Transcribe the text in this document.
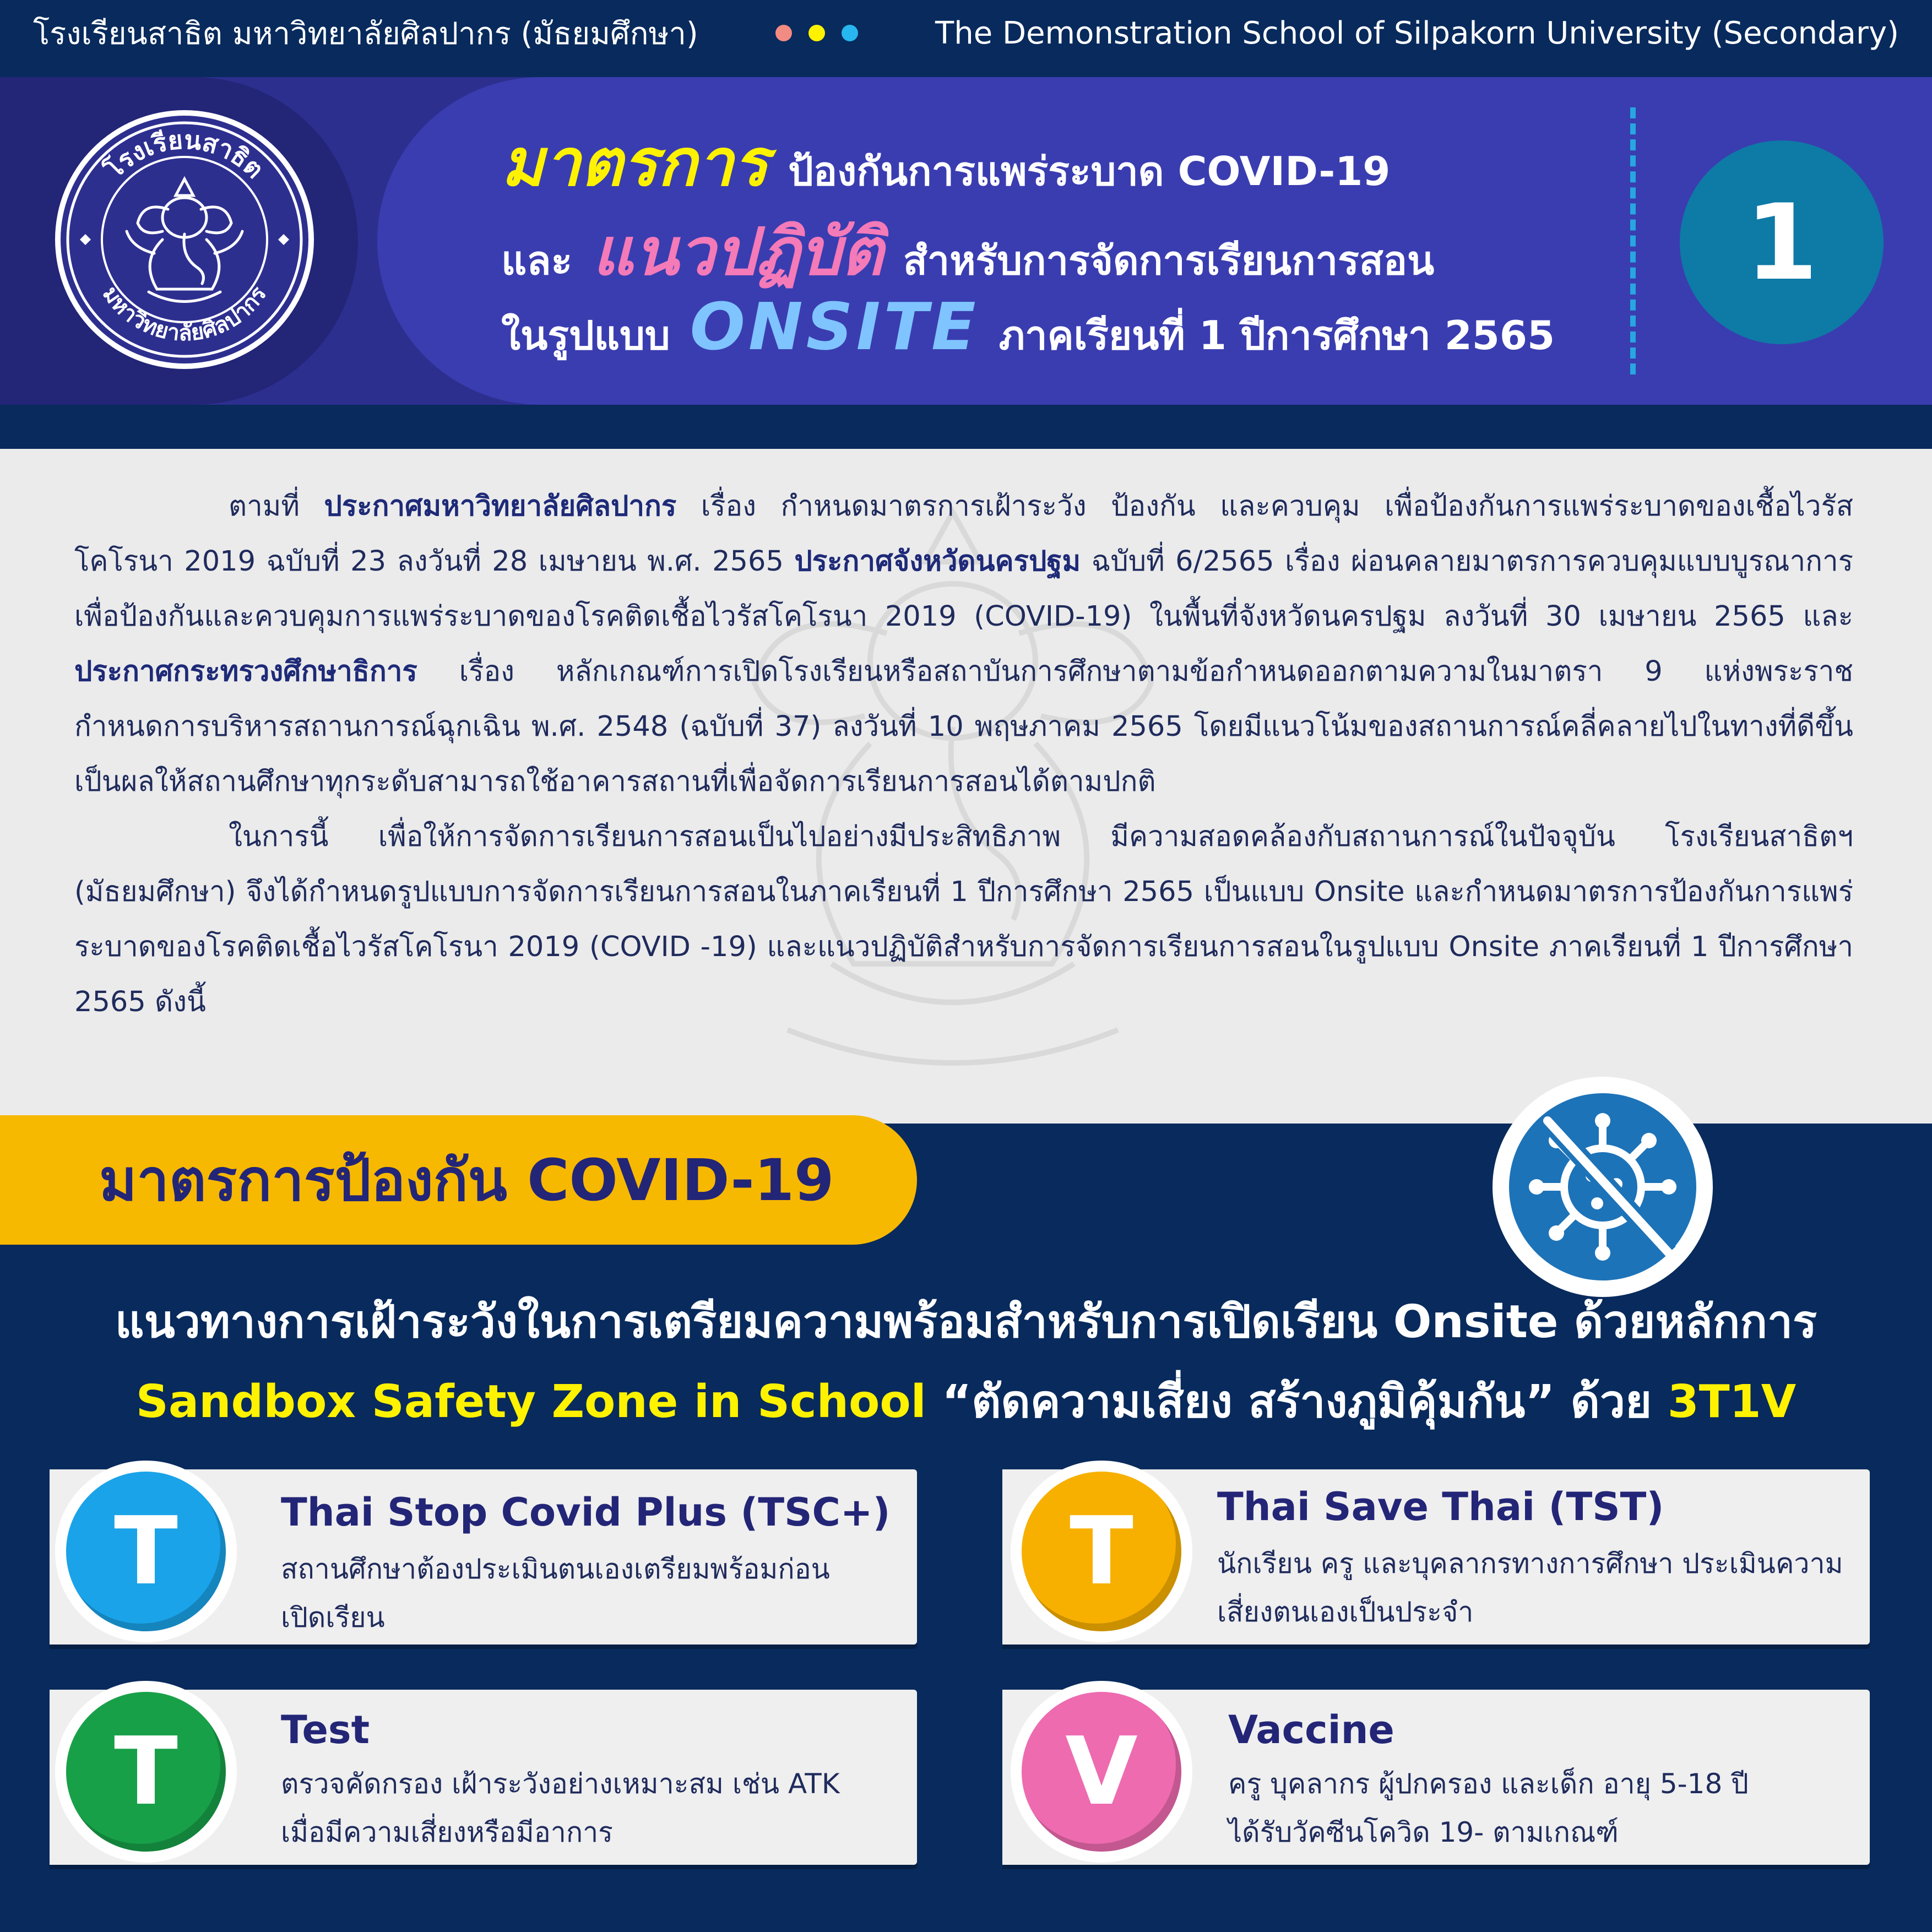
โรงเรียนสาธิต มหาวิทยาลัยศิลปากร (มัธยมศึกษา)	The Demonstration School of Silpakorn University (Secondary)
โรงเรียนสาธิต
มหาวิทยาลัยศิลปากร
มาตรการ ป้องกันการแพร่ระบาด COVID-19
และ แนวปฏิบัติ สำหรับการจัดการเรียนการสอน
ในรูปแบบ ONSITE ภาคเรียนที่ 1 ปีการศึกษา 2565
1

ตามที่ ประกาศมหาวิทยาลัยศิลปากร เรื่อง กำหนดมาตรการเฝ้าระวัง ป้องกัน และควบคุม เพื่อป้องกันการแพร่ระบาดของเชื้อไวรัสโคโรนา 2019 ฉบับที่ 23 ลงวันที่ 28 เมษายน พ.ศ. 2565 ประกาศจังหวัดนครปฐม ฉบับที่ 6/2565 เรื่อง ผ่อนคลายมาตรการควบคุมแบบบูรณาการเพื่อป้องกันและควบคุมการแพร่ระบาดของโรคติดเชื้อไวรัสโคโรนา 2019 (COVID-19) ในพื้นที่จังหวัดนครปฐม ลงวันที่ 30 เมษายน 2565 และ ประกาศกระทรวงศึกษาธิการ เรื่อง หลักเกณฑ์การเปิดโรงเรียนหรือสถาบันการศึกษาตามข้อกำหนดออกตามความในมาตรา 9 แห่งพระราชกำหนดการบริหารสถานการณ์ฉุกเฉิน พ.ศ. 2548 (ฉบับที่ 37) ลงวันที่ 10 พฤษภาคม 2565 โดยมีแนวโน้มของสถานการณ์คลี่คลายไปในทางที่ดีขึ้น เป็นผลให้สถานศึกษาทุกระดับสามารถใช้อาคารสถานที่เพื่อจัดการเรียนการสอนได้ตามปกติ

ในการนี้ เพื่อให้การจัดการเรียนการสอนเป็นไปอย่างมีประสิทธิภาพ มีความสอดคล้องกับสถานการณ์ในปัจจุบัน โรงเรียนสาธิตฯ (มัธยมศึกษา) จึงได้กำหนดรูปแบบการจัดการเรียนการสอนในภาคเรียนที่ 1 ปีการศึกษา 2565 เป็นแบบ Onsite และกำหนดมาตรการป้องกันการแพร่ระบาดของโรคติดเชื้อไวรัสโคโรนา 2019 (COVID -19) และแนวปฏิบัติสำหรับการจัดการเรียนการสอนในรูปแบบ Onsite ภาคเรียนที่ 1 ปีการศึกษา 2565 ดังนี้

มาตรการป้องกัน COVID-19
แนวทางการเฝ้าระวังในการเตรียมความพร้อมสำหรับการเปิดเรียน Onsite ด้วยหลักการ
Sandbox Safety Zone in School “ตัดความเสี่ยง สร้างภูมิคุ้มกัน” ด้วย 3T1V
T	Thai Stop Covid Plus (TSC+)
สถานศึกษาต้องประเมินตนเองเตรียมพร้อมก่อน
เปิดเรียน
T	Thai Save Thai (TST)
นักเรียน ครู และบุคลากรทางการศึกษา ประเมินความ
เสี่ยงตนเองเป็นประจำ
T	Test
ตรวจคัดกรอง เฝ้าระวังอย่างเหมาะสม เช่น ATK
เมื่อมีความเสี่ยงหรือมีอาการ
V	Vaccine
ครู บุคลากร ผู้ปกครอง และเด็ก อายุ 5-18 ปี
ได้รับวัคซีนโควิด 19- ตามเกณฑ์
